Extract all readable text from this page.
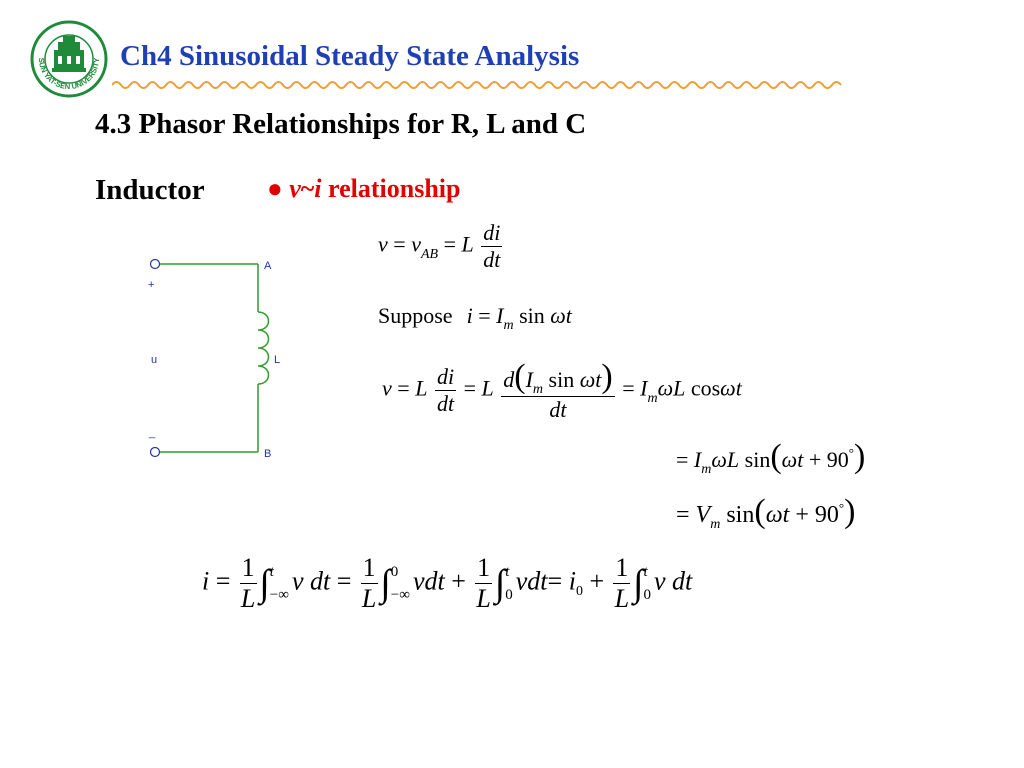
SUN YAT-SEN UNIVERSITY Ch4 Sinusoidal Steady State Analysis
4.3 Phasor Relationships for R, L and C
Inductor ● v~i relationship
A
B
L
u
+
_
$v = v_{AB} = L \frac{di}{dt}$
Suppose $i = I_m$ sin ωt
v = L $\frac{di}{dt} = L \frac{d(I_m \sin \omega t)}{dt} = I_m\omega L$ cosωt
= $I_m\omega L$ sin(ωt + 90°)
= $V_m$ sin(ωt + 90°)
$i = \frac{1}{L}$ ∫ t
−∞ v dt = $\frac{1}{L}$ ∫ 0
−∞ vdt + $\frac{1}{L}$ ∫ t
0 $vdt= i_0 + \frac{1}{L}$ ∫ t
0 v dt
